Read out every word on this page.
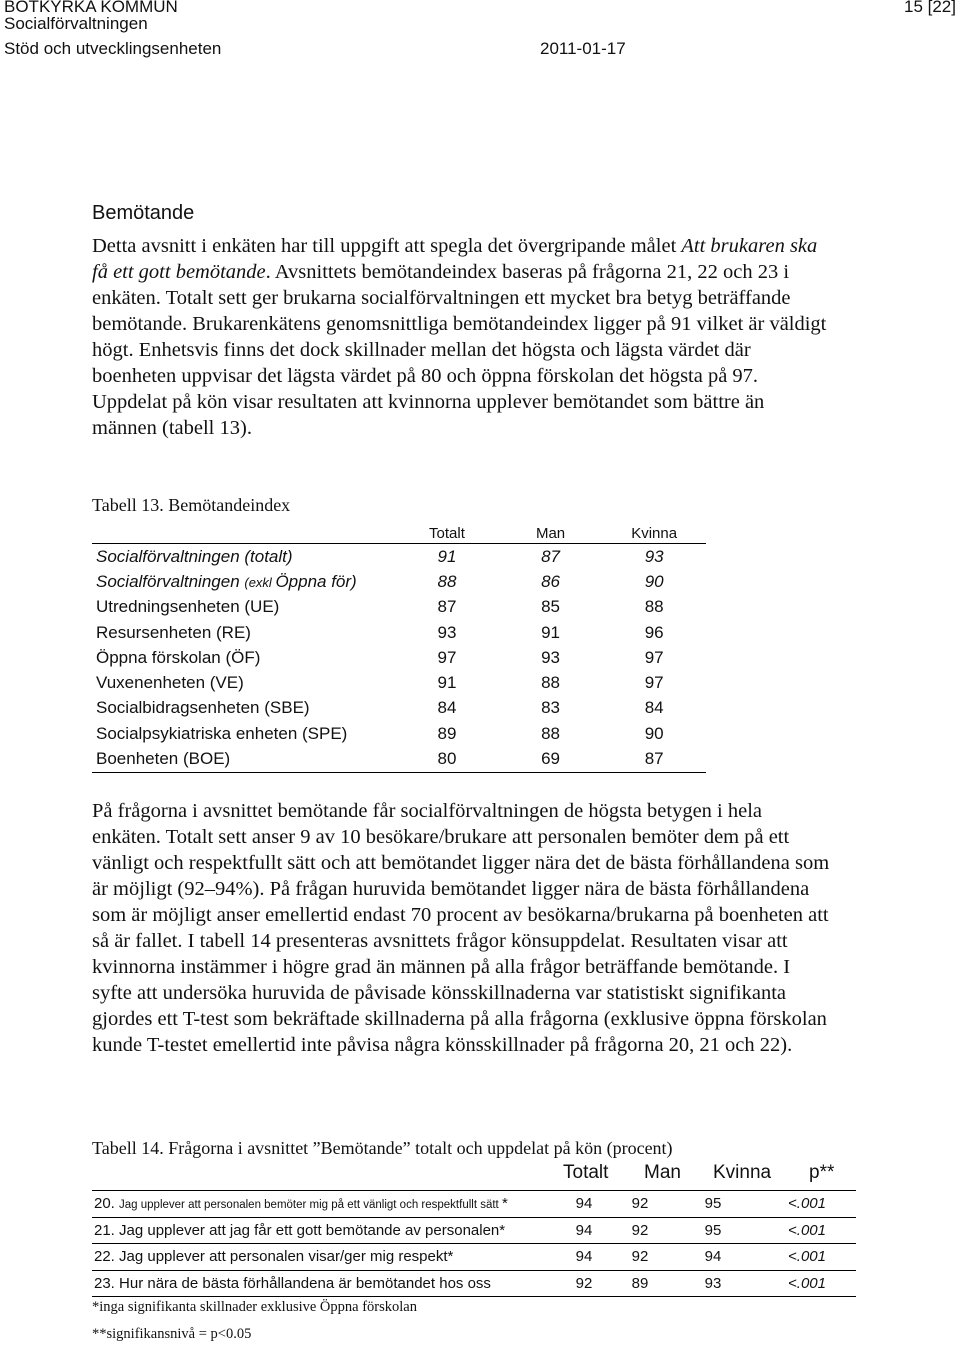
BOTKYRKA KOMMUN
Socialförvaltningen
Stöd och utvecklingsenheten
15 [22]
2011-01-17
Bemötande

Detta avsnitt i enkäten har till uppgift att spegla det övergripande målet Att brukaren ska få ett gott bemötande. Avsnittets bemötandeindex baseras på frågorna 21, 22 och 23 i enkäten. Totalt sett ger brukarna socialförvaltningen ett mycket bra betyg beträffande bemötande. Brukarenkätens genomsnittliga bemötandeindex ligger på 91 vilket är väldigt högt. Enhetsvis finns det dock skillnader mellan det högsta och lägsta värdet där boenheten uppvisar det lägsta värdet på 80 och öppna förskolan det högsta på 97. Uppdelat på kön visar resultaten att kvinnorna upplever bemötandet som bättre än männen (tabell 13).

Tabell 13. Bemötandeindex
	Totalt	Man	Kvinna
Socialförvaltningen (totalt)	91	87	93
Socialförvaltningen (exkl Öppna för)	88	86	90
Utredningsenheten (UE)	87	85	88
Resursenheten (RE)	93	91	96
Öppna förskolan (ÖF)	97	93	97
Vuxenenheten (VE)	91	88	97
Socialbidragsenheten (SBE)	84	83	84
Socialpsykiatriska enheten (SPE)	89	88	90
Boenheten (BOE)	80	69	87

På frågorna i avsnittet bemötande får socialförvaltningen de högsta betygen i hela enkäten. Totalt sett anser 9 av 10 besökare/brukare att personalen bemöter dem på ett vänligt och respektfullt sätt och att bemötandet ligger nära det de bästa förhållandena som är möjligt (92–94%). På frågan huruvida bemötandet ligger nära de bästa förhållandena som är möjligt anser emellertid endast 70 procent av besökarna/brukarna på boenheten att så är fallet. I tabell 14 presenteras avsnittets frågor könsuppdelat. Resultaten visar att kvinnorna instämmer i högre grad än männen på alla frågor beträffande bemötande. I syfte att undersöka huruvida de påvisade könsskillnaderna var statistiskt signifikanta gjordes ett T-test som bekräftade skillnaderna på alla frågorna (exklusive öppna förskolan kunde T-testet emellertid inte påvisa några könsskillnader på frågorna 20, 21 och 22).

Tabell 14. Frågorna i avsnittet ”Bemötande” totalt och uppdelat på kön (procent)
Totalt Man Kvinna p**
20. Jag upplever att personalen bemöter mig på ett vänligt och respektfullt sätt *	94	92	95	<.001
21. Jag upplever att jag får ett gott bemötande av personalen*	94	92	95	<.001
22. Jag upplever att personalen visar/ger mig respekt*	94	92	94	<.001
23. Hur nära de bästa förhållandena är bemötandet hos oss	92	89	93	<.001
*inga signifikanta skillnader exklusive Öppna förskolan
**signifikansnivå = p<0.05
